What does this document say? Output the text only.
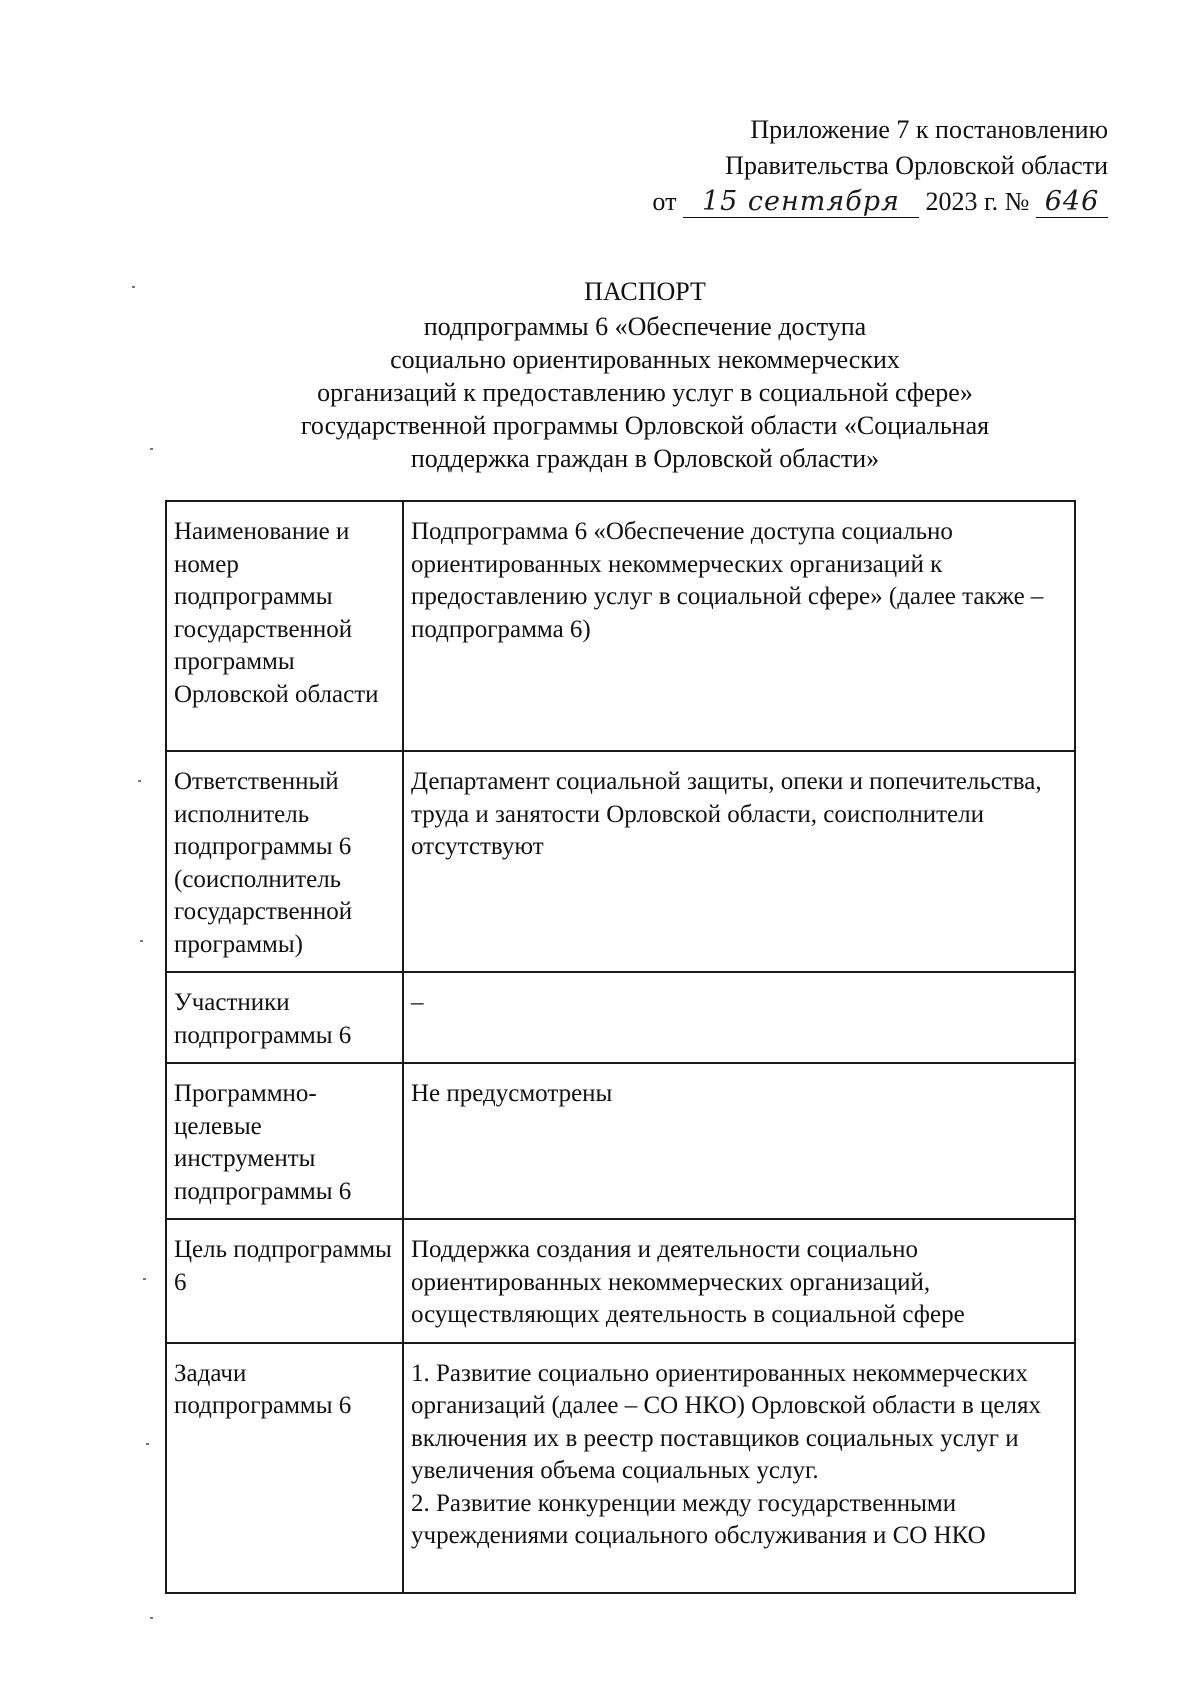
Приложение 7 к постановлению
Правительства Орловской области
от 15 сентября 2023 г. № 646
ПАСПОРТ
подпрограммы 6 «Обеспечение доступа
социально ориентированных некоммерческих
организаций к предоставлению услуг в социальной сфере»
государственной программы Орловской области «Социальная
поддержка граждан в Орловской области»
Наименование и номер подпрограммы государственной программы Орловской области	Подпрограмма 6 «Обеспечение доступа социально ориентированных некоммерческих организаций к предоставлению услуг в социальной сфере» (далее также – подпрограмма 6)
Ответственный исполнитель подпрограммы 6 (соисполнитель государственной программы)	Департамент социальной защиты, опеки и попечительства, труда и занятости Орловской области, соисполнители отсутствуют
Участники подпрограммы 6	–
Программно-целевые инструменты подпрограммы 6	Не предусмотрены
Цель подпрограммы 6	Поддержка создания и деятельности социально ориентированных некоммерческих организаций, осуществляющих деятельность в социальной сфере
Задачи подпрограммы 6	1. Развитие социально ориентированных некоммерческих организаций (далее – СО НКО) Орловской области в целях включения их в реестр поставщиков социальных услуг и увеличения объема социальных услуг.
2. Развитие конкуренции между государственными учреждениями социального обслуживания и СО НКО
